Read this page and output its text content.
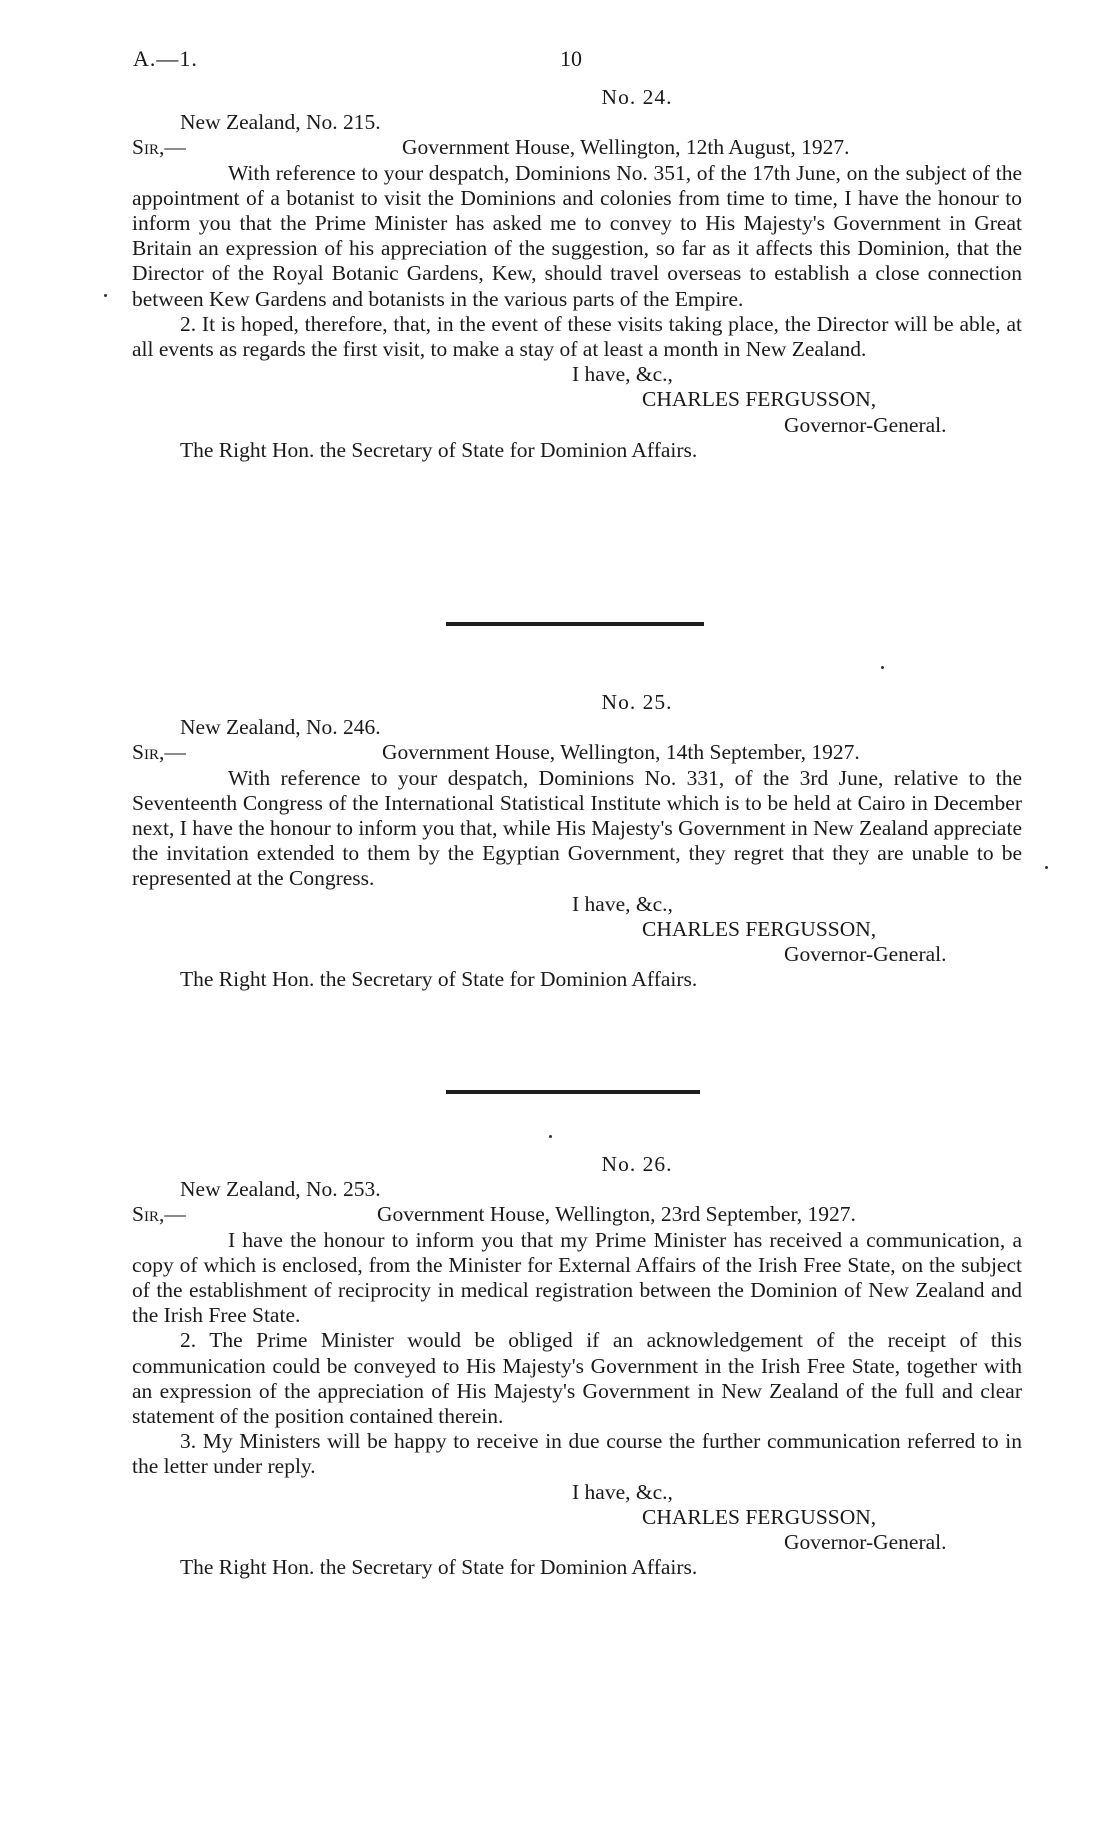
A.—1.	10
No. 24.
New Zealand, No. 215.
Sir,—	Government House, Wellington, 12th August, 1927.
With reference to your despatch, Dominions No. 351, of the 17th June, on the subject of the appointment of a botanist to visit the Dominions and colonies from time to time, I have the honour to inform you that the Prime Minister has asked me to convey to His Majesty's Government in Great Britain an expression of his appreciation of the suggestion, so far as it affects this Dominion, that the Director of the Royal Botanic Gardens, Kew, should travel overseas to establish a close connection between Kew Gardens and botanists in the various parts of the Empire.
2. It is hoped, therefore, that, in the event of these visits taking place, the Director will be able, at all events as regards the first visit, to make a stay of at least a month in New Zealand.
I have, &c.,
CHARLES FERGUSSON,
Governor-General.
The Right Hon. the Secretary of State for Dominion Affairs.
No. 25.
New Zealand, No. 246.
Sir,—	Government House, Wellington, 14th September, 1927.
With reference to your despatch, Dominions No. 331, of the 3rd June, relative to the Seventeenth Congress of the International Statistical Institute which is to be held at Cairo in December next, I have the honour to inform you that, while His Majesty's Government in New Zealand appreciate the invitation extended to them by the Egyptian Government, they regret that they are unable to be represented at the Congress.
I have, &c.,
CHARLES FERGUSSON,
Governor-General.
The Right Hon. the Secretary of State for Dominion Affairs.
No. 26.
New Zealand, No. 253.
Sir,—	Government House, Wellington, 23rd September, 1927.
I have the honour to inform you that my Prime Minister has received a communication, a copy of which is enclosed, from the Minister for External Affairs of the Irish Free State, on the subject of the establishment of reciprocity in medical registration between the Dominion of New Zealand and the Irish Free State.
2. The Prime Minister would be obliged if an acknowledgement of the receipt of this communication could be conveyed to His Majesty's Government in the Irish Free State, together with an expression of the appreciation of His Majesty's Government in New Zealand of the full and clear statement of the position contained therein.
3. My Ministers will be happy to receive in due course the further communication referred to in the letter under reply.
I have, &c.,
CHARLES FERGUSSON,
Governor-General.
The Right Hon. the Secretary of State for Dominion Affairs.
